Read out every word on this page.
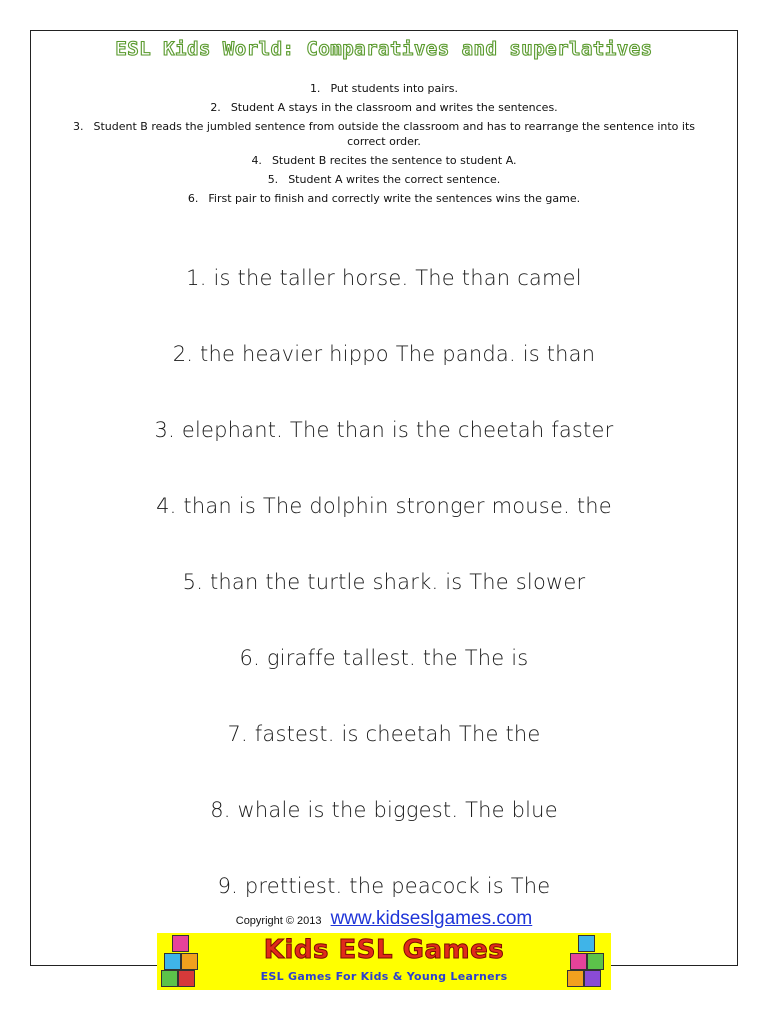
ESL Kids World: Comparatives and superlatives
1. Put students into pairs.
2. Student A stays in the classroom and writes the sentences.
3. Student B reads the jumbled sentence from outside the classroom and has to rearrange the sentence into its correct order.
4. Student B recites the sentence to student A.
5. Student A writes the correct sentence.
6. First pair to finish and correctly write the sentences wins the game.
1. is the taller horse. The than camel
2. the heavier hippo The panda. is than
3. elephant. The than is the cheetah faster
4. than is The dolphin stronger mouse. the
5. than the turtle shark. is The slower
6. giraffe tallest. the The is
7. fastest. is cheetah The the
8. whale is the biggest. The blue
9. prettiest. the peacock is The
Copyright © 2013 www.kidseslgames.com
Kids ESL Games
ESL Games For Kids & Young Learners
